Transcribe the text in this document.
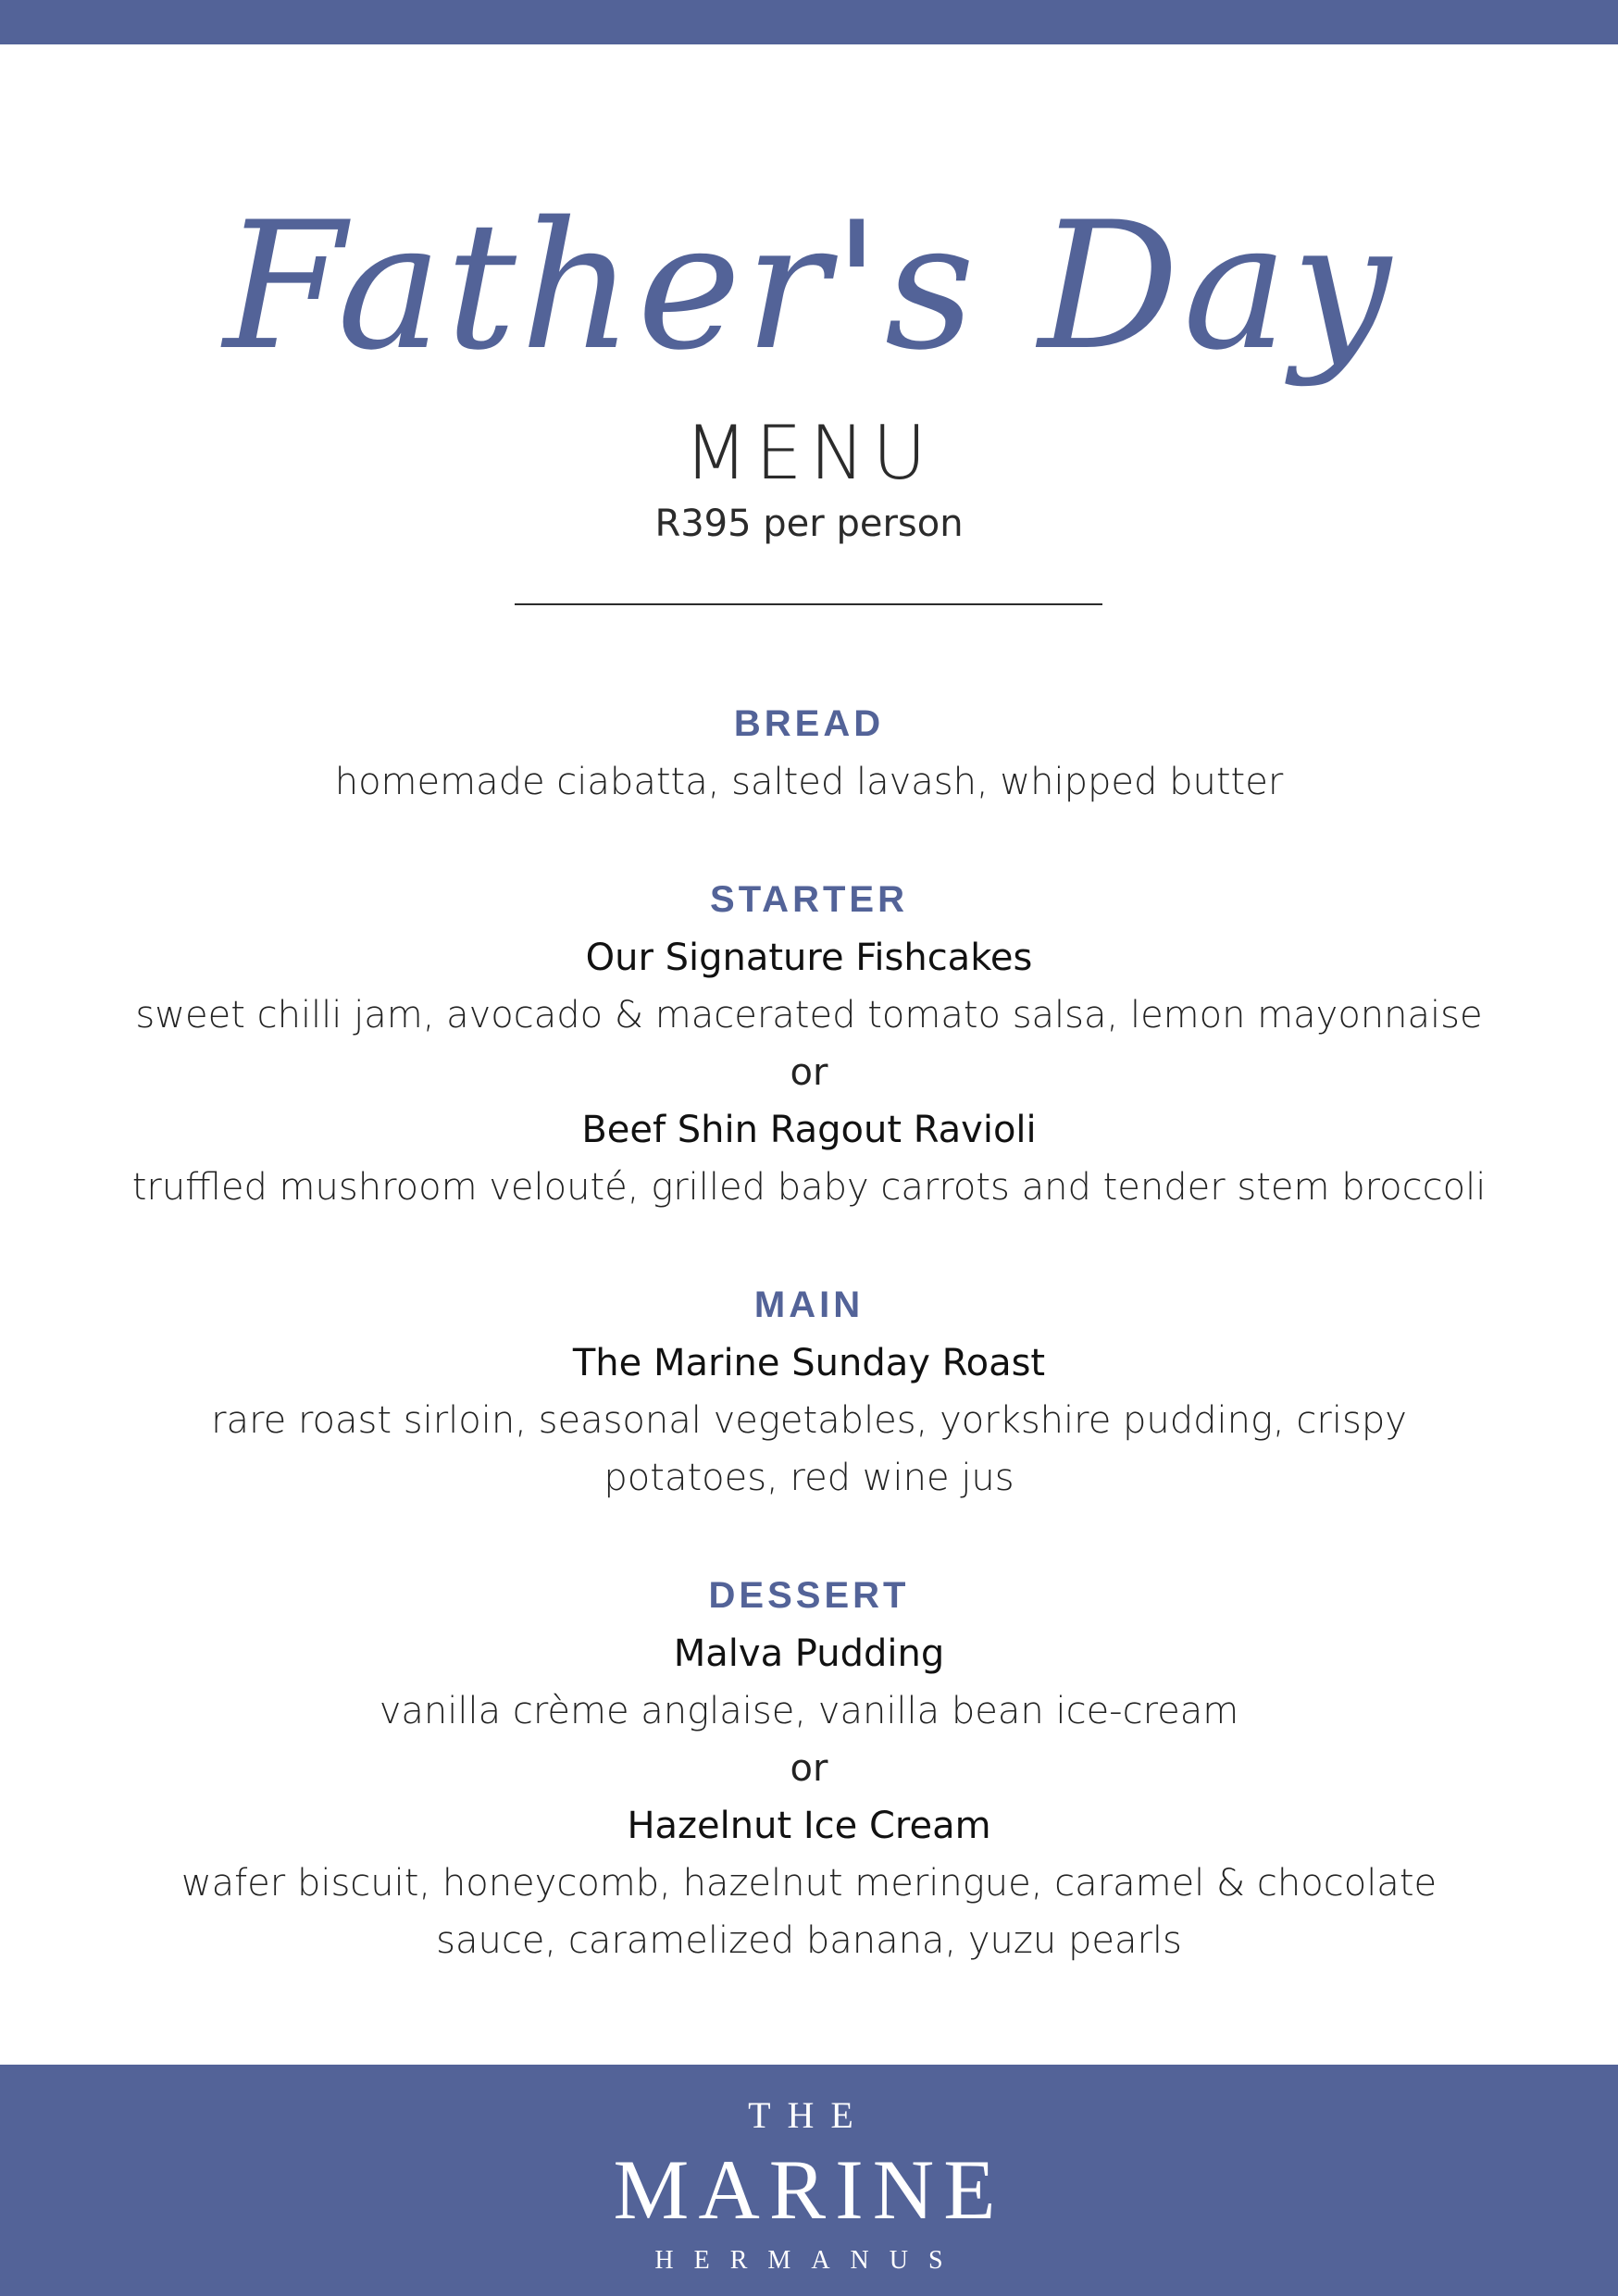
Father's Day
MENU
R395 per person
BREAD
homemade ciabatta, salted lavash, whipped butter
STARTER
Our Signature Fishcakes
sweet chilli jam, avocado & macerated tomato salsa, lemon mayonnaise
or
Beef Shin Ragout Ravioli
truffled mushroom velouté, grilled baby carrots and tender stem broccoli
MAIN
The Marine Sunday Roast
rare roast sirloin, seasonal vegetables, yorkshire pudding, crispy potatoes, red wine jus
DESSERT
Malva Pudding
vanilla crème anglaise, vanilla bean ice-cream
or
Hazelnut Ice Cream
wafer biscuit, honeycomb, hazelnut meringue, caramel & chocolate sauce, caramelized banana, yuzu pearls
THE
MARINE
HERMANUS
